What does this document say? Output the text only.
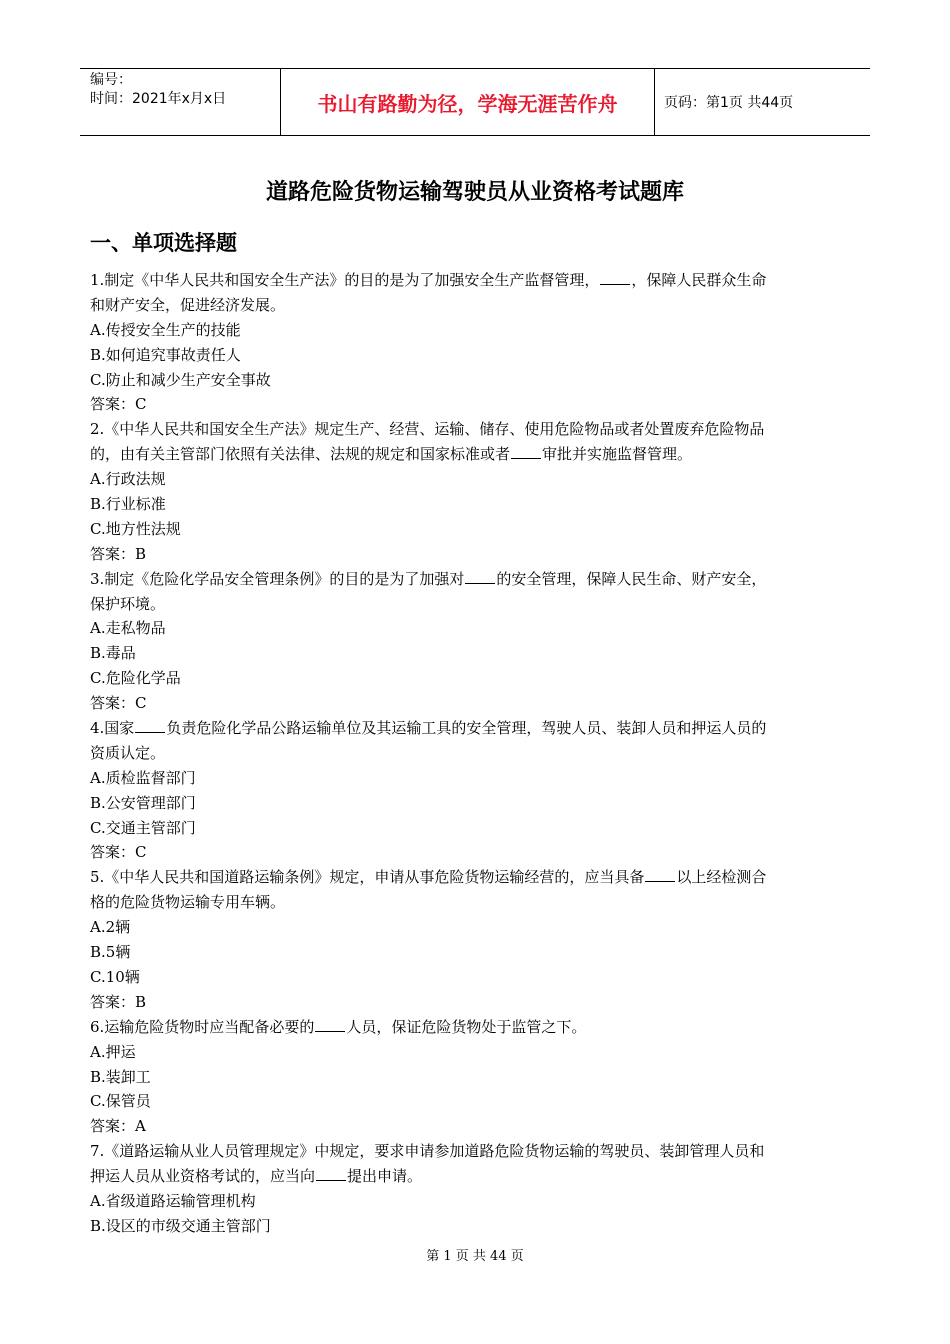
编号：
时间：2021年x月x日	书山有路勤为径，学海无涯苦作舟	页码：第1页 共44页
道路危险货物运输驾驶员从业资格考试题库
一、单项选择题
1.制定《中华人民共和国安全生产法》的目的是为了加强安全生产监督管理， ，保障人民群众生命
和财产安全，促进经济发展。
A.传授安全生产的技能
B.如何追究事故责任人
C.防止和减少生产安全事故
答案：C
2.《中华人民共和国安全生产法》规定生产、经营、运输、储存、使用危险物品或者处置废弃危险物品
的，由有关主管部门依照有关法律、法规的规定和国家标准或者 审批并实施监督管理。
A.行政法规
B.行业标准
C.地方性法规
答案：B
3.制定《危险化学品安全管理条例》的目的是为了加强对 的安全管理，保障人民生命、财产安全，
保护环境。
A.走私物品
B.毒品
C.危险化学品
答案：C
4.国家 负责危险化学品公路运输单位及其运输工具的安全管理，驾驶人员、装卸人员和押运人员的
资质认定。
A.质检监督部门
B.公安管理部门
C.交通主管部门
答案：C
5.《中华人民共和国道路运输条例》规定，申请从事危险货物运输经营的，应当具备 以上经检测合
格的危险货物运输专用车辆。
A.2辆
B.5辆
C.10辆
答案：B
6.运输危险货物时应当配备必要的 人员，保证危险货物处于监管之下。
A.押运
B.装卸工
C.保管员
答案：A
7.《道路运输从业人员管理规定》中规定，要求申请参加道路危险货物运输的驾驶员、装卸管理人员和
押运人员从业资格考试的，应当向 提出申请。
A.省级道路运输管理机构
B.设区的市级交通主管部门
第 1 页 共 44 页
